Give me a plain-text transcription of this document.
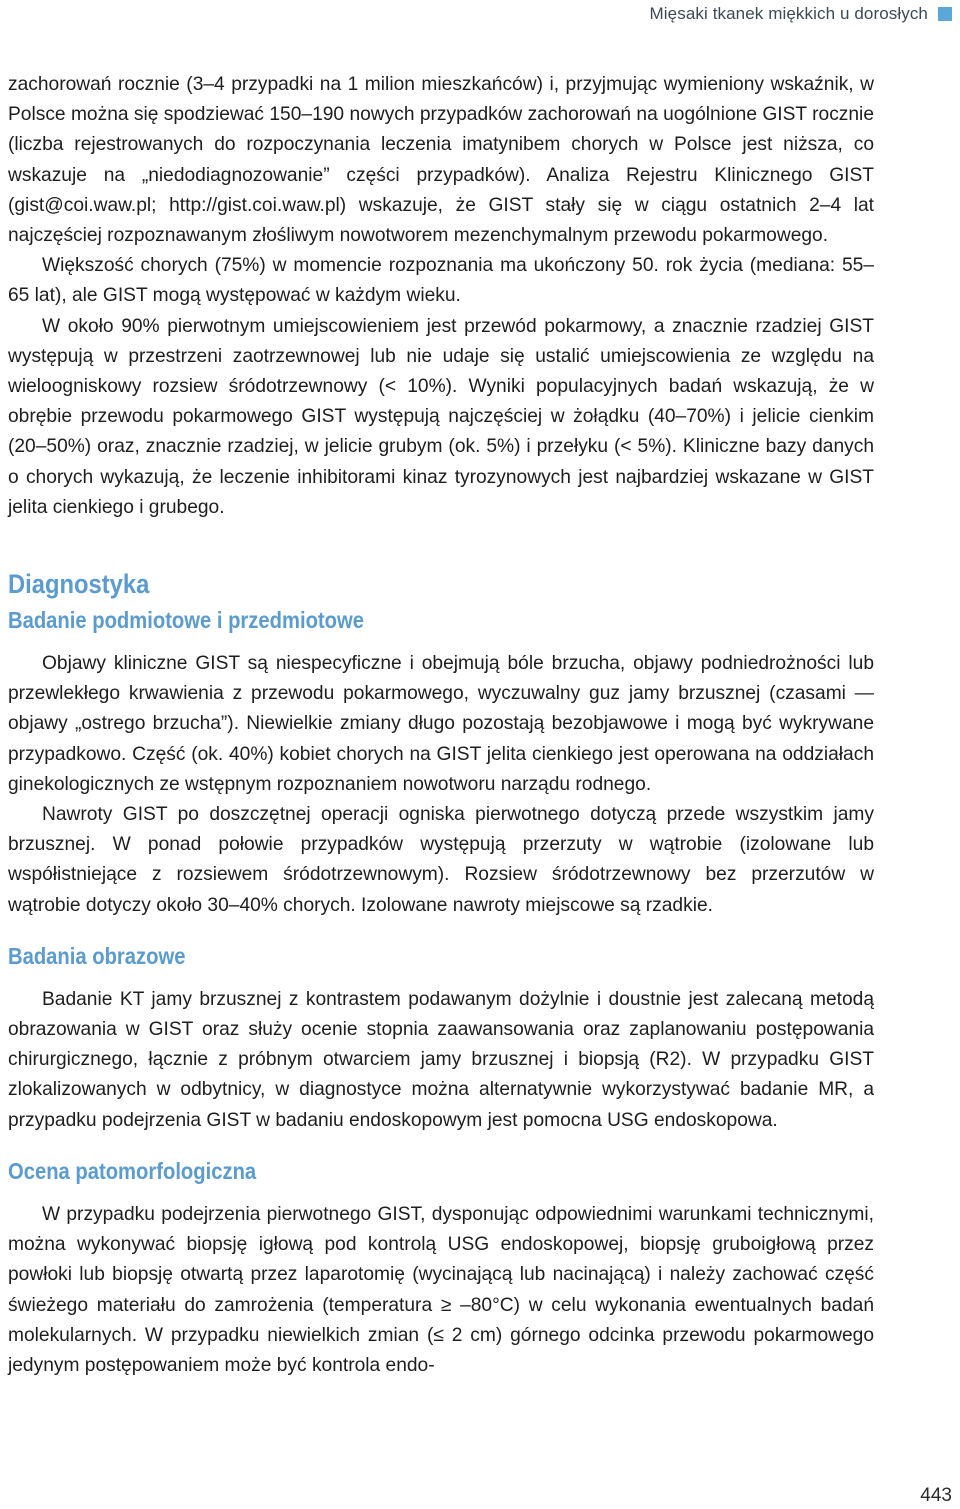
Mięsaki tkanek miękkich u dorosłych

zachorowań rocznie (3–4 przypadki na 1 milion mieszkańców) i, przyjmując wymieniony wskaźnik, w Polsce można się spodziewać 150–190 nowych przypadków zachorowań na uogólnione GIST rocznie (liczba rejestrowanych do rozpoczynania leczenia imatynibem chorych w Polsce jest niższa, co wskazuje na „niedodiagnozowanie” części przypadków). Analiza Rejestru Klinicznego GIST (gist@coi.waw.pl; http://gist.coi.waw.pl) wskazuje, że GIST stały się w ciągu ostatnich 2–4 lat najczęściej rozpoznawanym złośliwym nowotworem mezenchymalnym przewodu pokarmowego.

Większość chorych (75%) w momencie rozpoznania ma ukończony 50. rok życia (mediana: 55–65 lat), ale GIST mogą występować w każdym wieku.

W około 90% pierwotnym umiejscowieniem jest przewód pokarmowy, a znacznie rzadziej GIST występują w przestrzeni zaotrzewnowej lub nie udaje się ustalić umiejscowienia ze względu na wieloogniskowy rozsiew śródotrzewnowy (< 10%). Wyniki populacyjnych badań wskazują, że w obrębie przewodu pokarmowego GIST występują najczęściej w żołądku (40–70%) i jelicie cienkim (20–50%) oraz, znacznie rzadziej, w jelicie grubym (ok. 5%) i przełyku (< 5%). Kliniczne bazy danych o chorych wykazują, że leczenie inhibitorami kinaz tyrozynowych jest najbardziej wskazane w GIST jelita cienkiego i grubego.

Diagnostyka
Badanie podmiotowe i przedmiotowe

Objawy kliniczne GIST są niespecyficzne i obejmują bóle brzucha, objawy podniedrożności lub przewlekłego krwawienia z przewodu pokarmowego, wyczuwalny guz jamy brzusznej (czasami — objawy „ostrego brzucha”). Niewielkie zmiany długo pozostają bezobjawowe i mogą być wykrywane przypadkowo. Część (ok. 40%) kobiet chorych na GIST jelita cienkiego jest operowana na oddziałach ginekologicznych ze wstępnym rozpoznaniem nowotworu narządu rodnego.

Nawroty GIST po doszczętnej operacji ogniska pierwotnego dotyczą przede wszystkim jamy brzusznej. W ponad połowie przypadków występują przerzuty w wątrobie (izolowane lub współistniejące z rozsiewem śródotrzewnowym). Rozsiew śródotrzewnowy bez przerzutów w wątrobie dotyczy około 30–40% chorych. Izolowane nawroty miejscowe są rzadkie.

Badania obrazowe

Badanie KT jamy brzusznej z kontrastem podawanym dożylnie i doustnie jest zalecaną metodą obrazowania w GIST oraz służy ocenie stopnia zaawansowania oraz zaplanowaniu postępowania chirurgicznego, łącznie z próbnym otwarciem jamy brzusznej i biopsją (R2). W przypadku GIST zlokalizowanych w odbytnicy, w diagnostyce można alternatywnie wykorzystywać badanie MR, a przypadku podejrzenia GIST w badaniu endoskopowym jest pomocna USG endoskopowa.

Ocena patomorfologiczna

W przypadku podejrzenia pierwotnego GIST, dysponując odpowiednimi warunkami technicznymi, można wykonywać biopsję igłową pod kontrolą USG endoskopowej, biopsję gruboigłową przez powłoki lub biopsję otwartą przez laparotomię (wycinającą lub nacinającą) i należy zachować część świeżego materiału do zamrożenia (temperatura ≥ –80°C) w celu wykonania ewentualnych badań molekularnych. W przypadku niewielkich zmian (≤ 2 cm) górnego odcinka przewodu pokarmowego jedynym postępowaniem może być kontrola endo-

443
